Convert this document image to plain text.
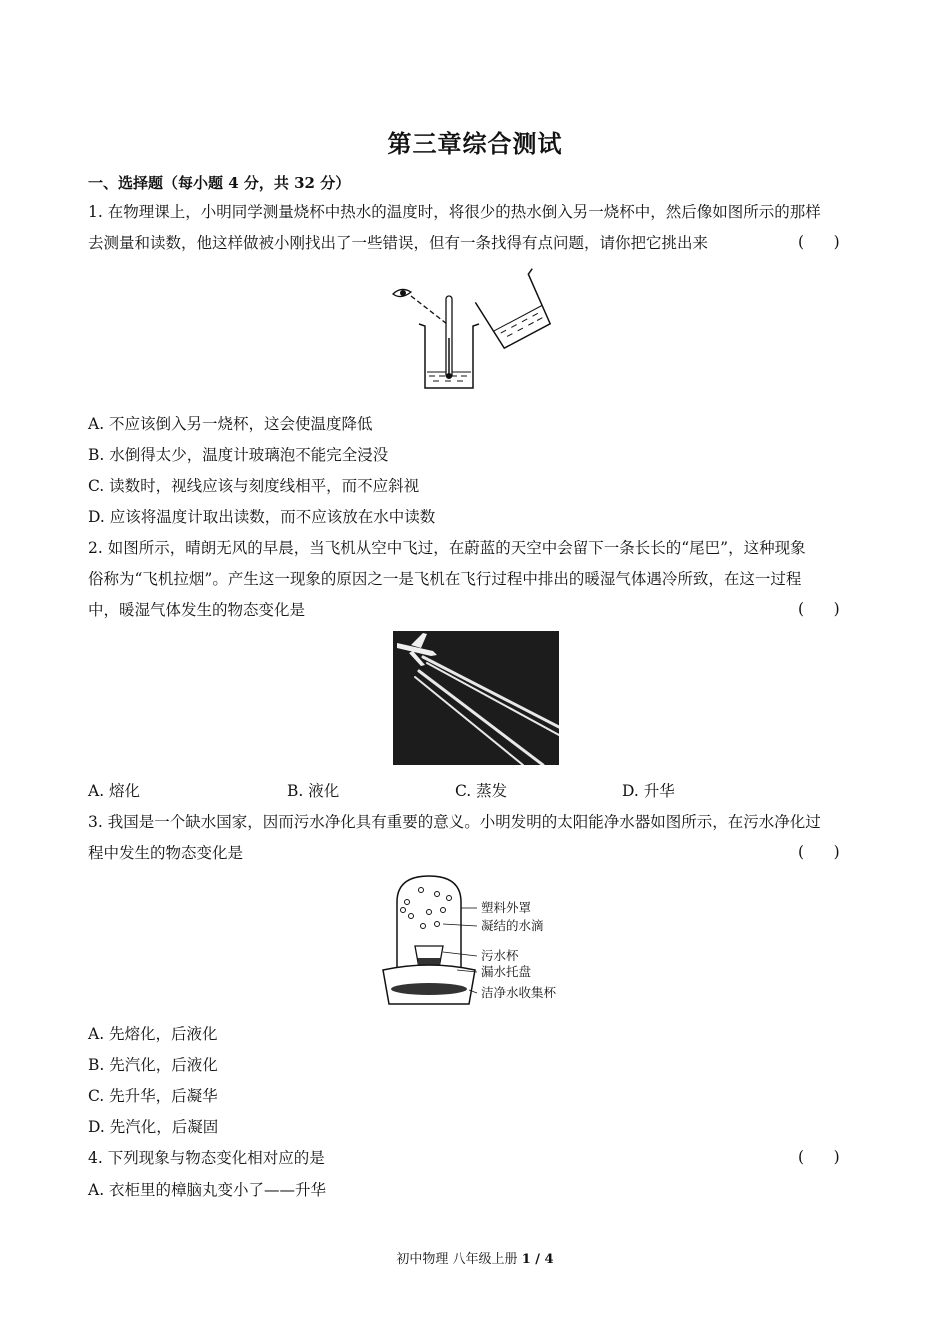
第三章综合测试
一、选择题（每小题 4 分，共 32 分）
1. 在物理课上，小明同学测量烧杯中热水的温度时，将很少的热水倒入另一烧杯中，然后像如图所示的那样
去测量和读数，他这样做被小刚找出了一些错误，但有一条找得有点问题，请你把它挑出来	(      )
A. 不应该倒入另一烧杯，这会使温度降低
B. 水倒得太少，温度计玻璃泡不能完全浸没
C. 读数时，视线应该与刻度线相平，而不应斜视
D. 应该将温度计取出读数，而不应该放在水中读数
2. 如图所示，晴朗无风的早晨，当飞机从空中飞过，在蔚蓝的天空中会留下一条长长的“尾巴”，这种现象
俗称为“飞机拉烟”。产生这一现象的原因之一是飞机在飞行过程中排出的暖湿气体遇冷所致，在这一过程
中，暖湿气体发生的物态变化是	(      )
A. 熔化	B. 液化	C. 蒸发	D. 升华
3. 我国是一个缺水国家，因而污水净化具有重要的意义。小明发明的太阳能净水器如图所示，在污水净化过
程中发生的物态变化是	(      )
塑料外罩
凝结的水滴
污水杯
漏水托盘
洁净水收集杯
A. 先熔化，后液化
B. 先汽化，后液化
C. 先升华，后凝华
D. 先汽化，后凝固
4. 下列现象与物态变化相对应的是	(      )
A. 衣柜里的樟脑丸变小了——升华
初中物理 八年级上册 1 / 4
